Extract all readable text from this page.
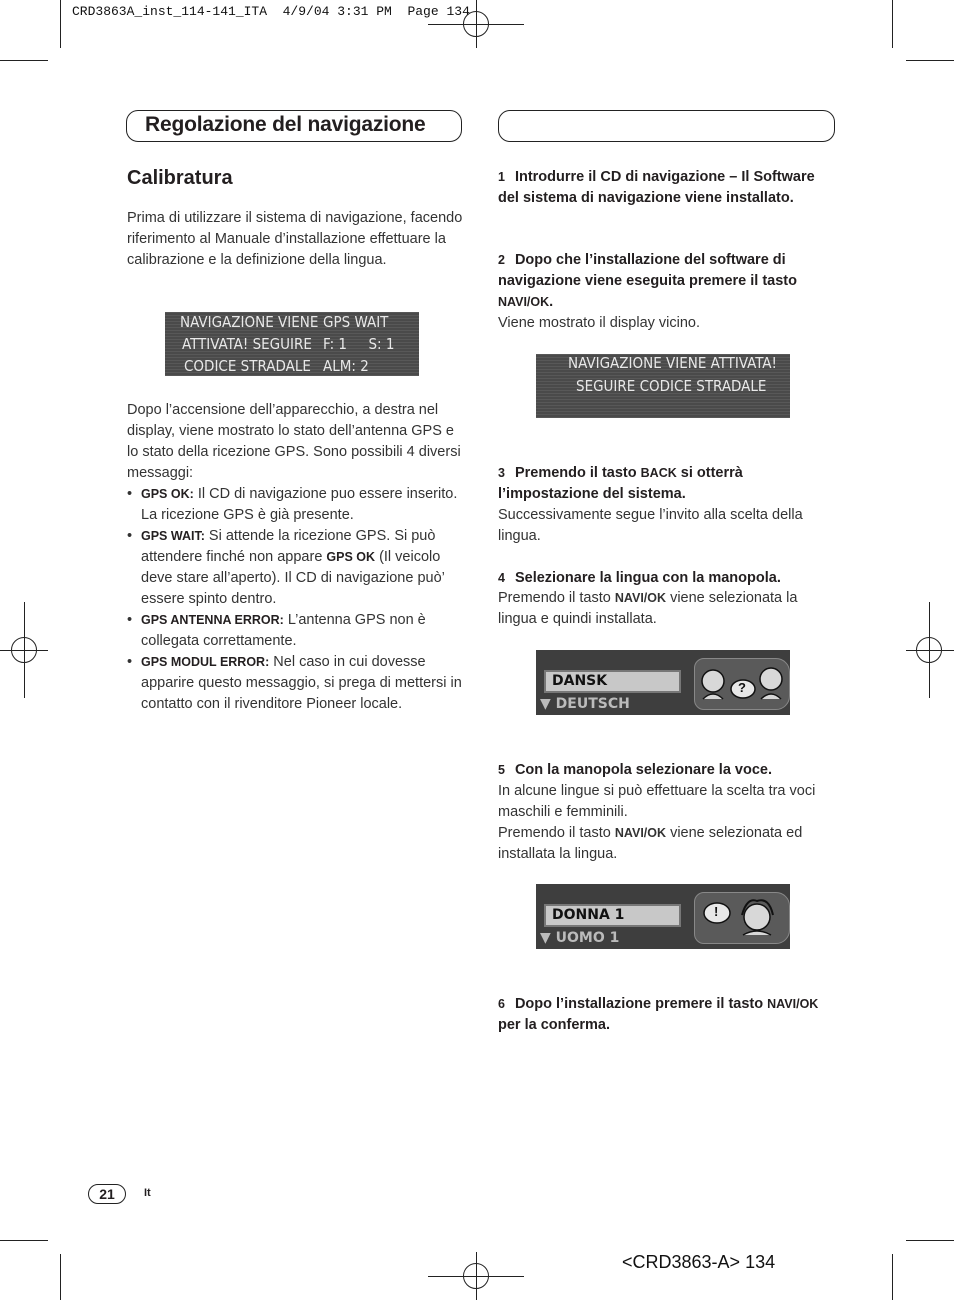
CRD3863A_inst_114-141_ITA  4/9/04 3:31 PM  Page 134
Regolazione del navigazione
Calibratura
Prima di utilizzare il sistema di navigazione, facendo riferimento al Manuale d’installazione effettuare la calibrazione e la definizione della lingua.
NAVIGAZIONE VIENE
ATTIVATA! SEGUIRE
CODICE STRADALE
GPS WAIT
F: 1     S: 1
ALM: 2
Dopo l’accensione dell’apparecchio, a destra nel display, viene mostrato lo stato dell’antenna GPS e lo stato della ricezione GPS. Sono possibili 4 diversi messaggi:
• GPS OK: Il CD di navigazione puo essere inserito. La ricezione GPS è già presente.
• GPS WAIT: Si attende la ricezione GPS. Si può attendere finché non appare GPS OK (Il veicolo deve stare all’aperto). Il CD di navigazione può’ essere spinto dentro.
• GPS ANTENNA ERROR: L’antenna GPS non è collegata correttamente.
• GPS MODUL ERROR: Nel caso in cui dovesse apparire questo messaggio, si prega di mettersi in contatto con il rivenditore Pioneer locale.
1 Introdurre il CD di navigazione – Il Software del sistema di navigazione viene installato.
2 Dopo che l’installazione del software di navigazione viene eseguita premere il tasto NAVI/OK.
Viene mostrato il display vicino.
NAVIGAZIONE VIENE ATTIVATA!
SEGUIRE CODICE STRADALE
3 Premendo il tasto BACK si otterrà l’impostazione del sistema.
Successivamente segue l’invito alla scelta della lingua.
4 Selezionare la lingua con la manopola.
Premendo il tasto NAVI/OK viene selezionata la lingua e quindi installata.
DANSK
▼ DEUTSCH
?
5 Con la manopola selezionare la voce.
In alcune lingue si può effettuare la scelta tra voci maschili e femminili.
Premendo il tasto NAVI/OK viene selezionata ed installata la lingua.
DONNA 1
▼ UOMO 1
!
6 Dopo l’installazione premere il tasto NAVI/OK per la conferma.
21	It
<CRD3863-A> 134
